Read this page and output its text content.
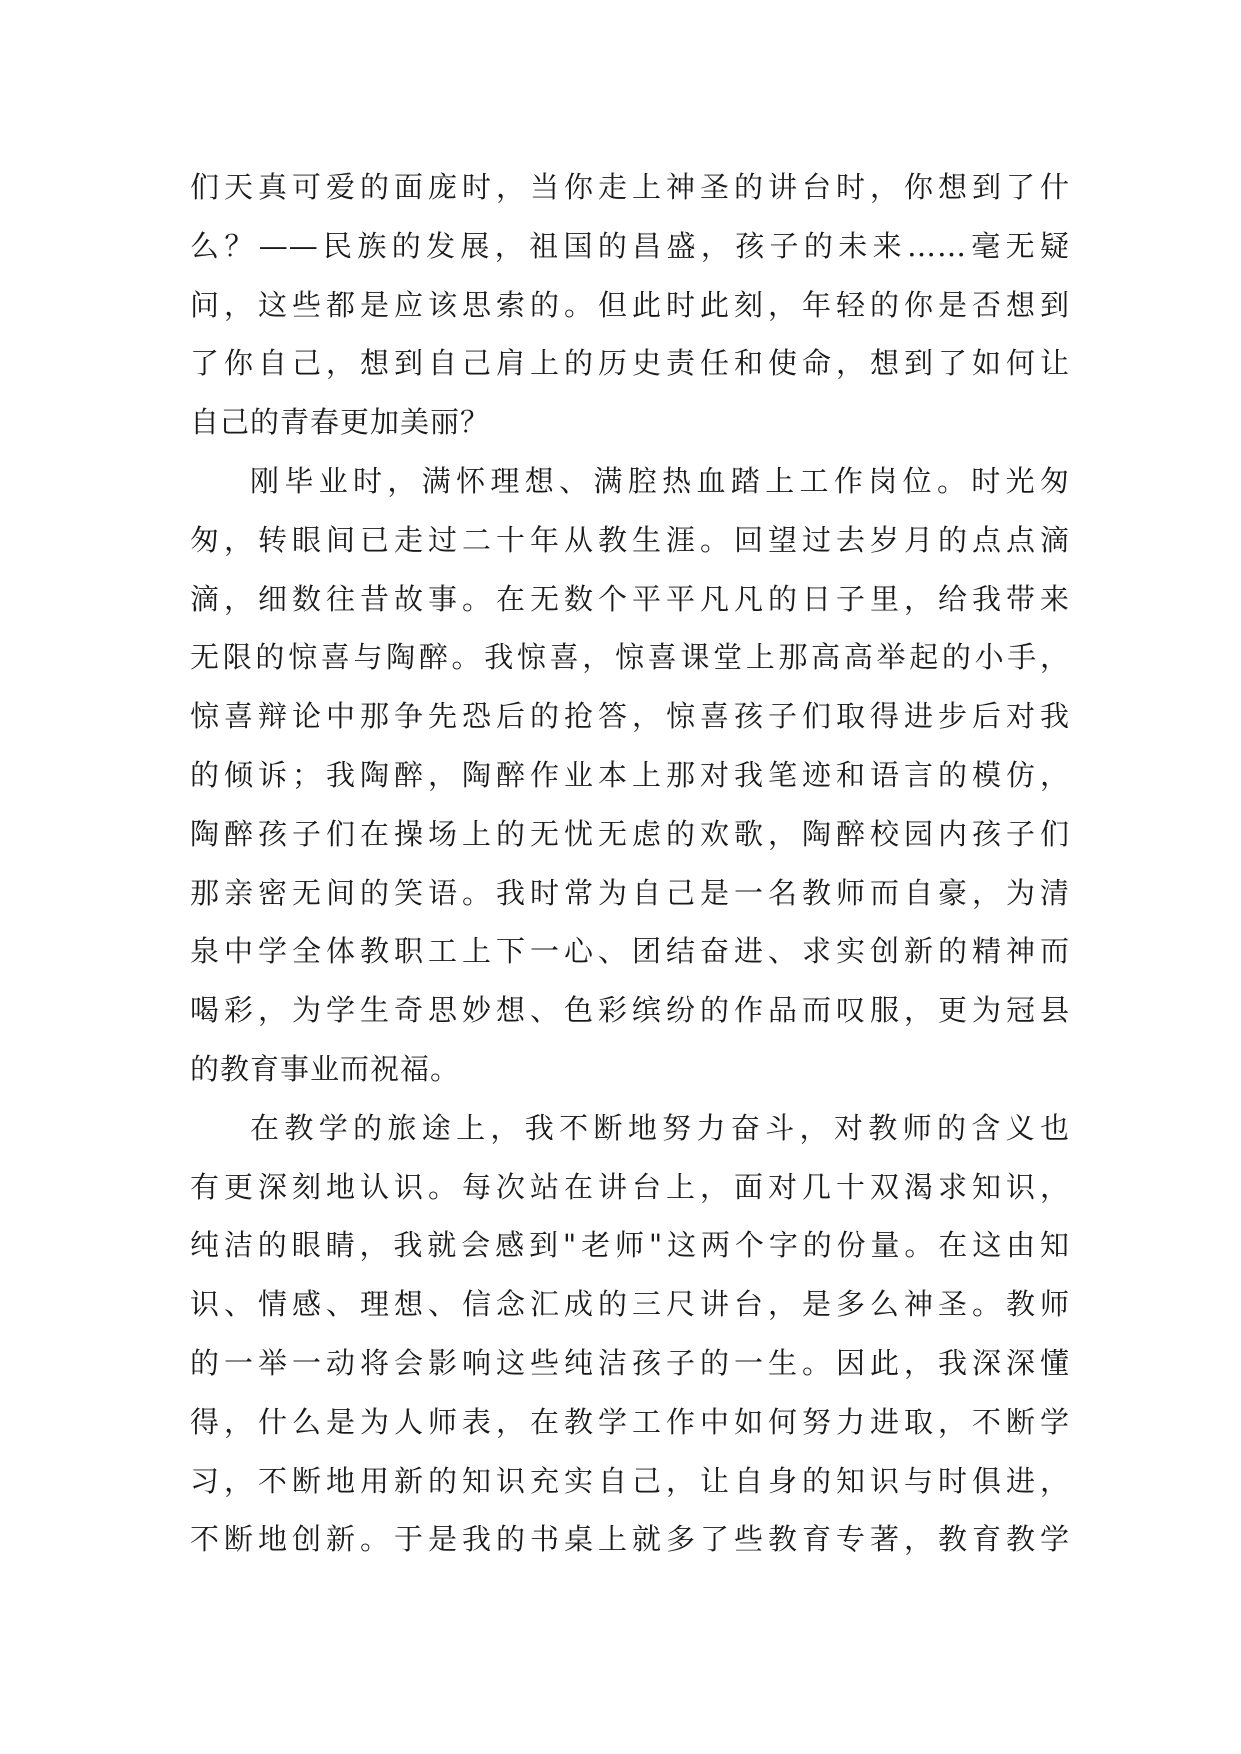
们天真可爱的面庞时，当你走上神圣的讲台时，你想到了什
么？——民族的发展，祖国的昌盛，孩子的未来……毫无疑
问，这些都是应该思索的。但此时此刻，年轻的你是否想到
了你自己，想到自己肩上的历史责任和使命，想到了如何让
自己的青春更加美丽？
刚毕业时，满怀理想、满腔热血踏上工作岗位。时光匆
匆，转眼间已走过二十年从教生涯。回望过去岁月的点点滴
滴，细数往昔故事。在无数个平平凡凡的日子里，给我带来
无限的惊喜与陶醉。我惊喜，惊喜课堂上那高高举起的小手，
惊喜辩论中那争先恐后的抢答，惊喜孩子们取得进步后对我
的倾诉；我陶醉，陶醉作业本上那对我笔迹和语言的模仿，
陶醉孩子们在操场上的无忧无虑的欢歌，陶醉校园内孩子们
那亲密无间的笑语。我时常为自己是一名教师而自豪，为清
泉中学全体教职工上下一心、团结奋进、求实创新的精神而
喝彩，为学生奇思妙想、色彩缤纷的作品而叹服，更为冠县
的教育事业而祝福。
在教学的旅途上，我不断地努力奋斗，对教师的含义也
有更深刻地认识。每次站在讲台上，面对几十双渴求知识，
纯洁的眼睛，我就会感到"老师"这两个字的份量。在这由知
识、情感、理想、信念汇成的三尺讲台，是多么神圣。教师
的一举一动将会影响这些纯洁孩子的一生。因此，我深深懂
得，什么是为人师表，在教学工作中如何努力进取，不断学
习，不断地用新的知识充实自己，让自身的知识与时俱进，
不断地创新。于是我的书桌上就多了些教育专著，教育教学
